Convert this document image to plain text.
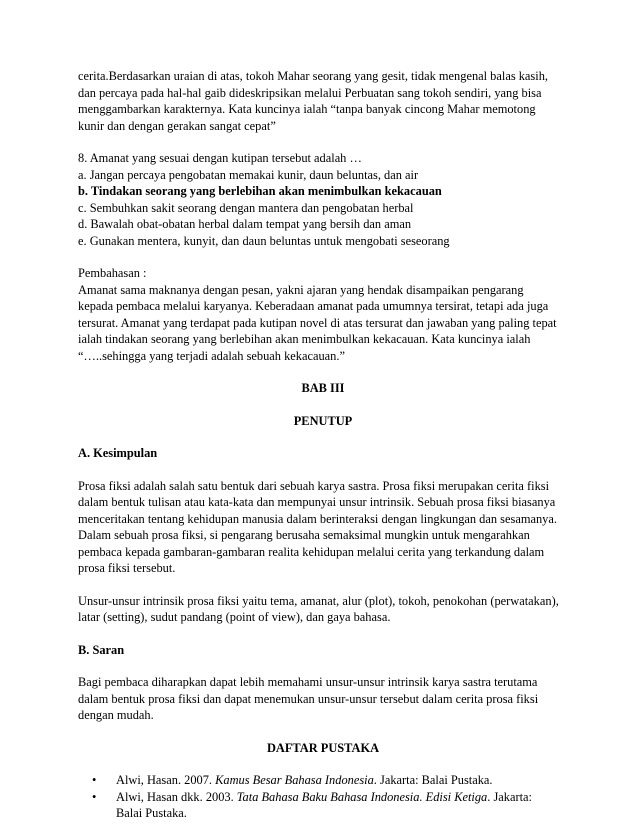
cerita.Berdasarkan uraian di atas, tokoh Mahar seorang yang gesit, tidak mengenal balas kasih,

dan percaya pada hal-hal gaib dideskripsikan melalui Perbuatan sang tokoh sendiri, yang bisa

menggambarkan karakternya. Kata kuncinya ialah “tanpa banyak cincong Mahar memotong

kunir dan dengan gerakan sangat cepat”

8. Amanat yang sesuai dengan kutipan tersebut adalah …

a. Jangan percaya pengobatan memakai kunir, daun beluntas, dan air

b. Tindakan seorang yang berlebihan akan menimbulkan kekacauan

c. Sembuhkan sakit seorang dengan mantera dan pengobatan herbal

d. Bawalah obat-obatan herbal dalam tempat yang bersih dan aman

e. Gunakan mentera, kunyit, dan daun beluntas untuk mengobati seseorang

Pembahasan :

Amanat sama maknanya dengan pesan, yakni ajaran yang hendak disampaikan pengarang

kepada pembaca melalui karyanya. Keberadaan amanat pada umumnya tersirat, tetapi ada juga

tersurat. Amanat yang terdapat pada kutipan novel di atas tersurat dan jawaban yang paling tepat

ialah tindakan seorang yang berlebihan akan menimbulkan kekacauan. Kata kuncinya ialah

“…..sehingga yang terjadi adalah sebuah kekacauan.”

BAB III

PENUTUP

A. Kesimpulan

Prosa fiksi adalah salah satu bentuk dari sebuah karya sastra. Prosa fiksi merupakan cerita fiksi

dalam bentuk tulisan atau kata-kata dan mempunyai unsur intrinsik. Sebuah prosa fiksi biasanya

menceritakan tentang kehidupan manusia dalam berinteraksi dengan lingkungan dan sesamanya.

Dalam sebuah prosa fiksi, si pengarang berusaha semaksimal mungkin untuk mengarahkan

pembaca kepada gambaran-gambaran realita kehidupan melalui cerita yang terkandung dalam

prosa fiksi tersebut.

Unsur-unsur intrinsik prosa fiksi yaitu tema, amanat, alur (plot), tokoh, penokohan (perwatakan),

latar (setting), sudut pandang (point of view), dan gaya bahasa.

B. Saran

Bagi pembaca diharapkan dapat lebih memahami unsur-unsur intrinsik karya sastra terutama

dalam bentuk prosa fiksi dan dapat menemukan unsur-unsur tersebut dalam cerita prosa fiksi

dengan mudah.

DAFTAR PUSTAKA

• Alwi, Hasan. 2007. Kamus Besar Bahasa Indonesia. Jakarta: Balai Pustaka.
• Alwi, Hasan dkk. 2003. Tata Bahasa Baku Bahasa Indonesia. Edisi Ketiga. Jakarta:
Balai Pustaka.
